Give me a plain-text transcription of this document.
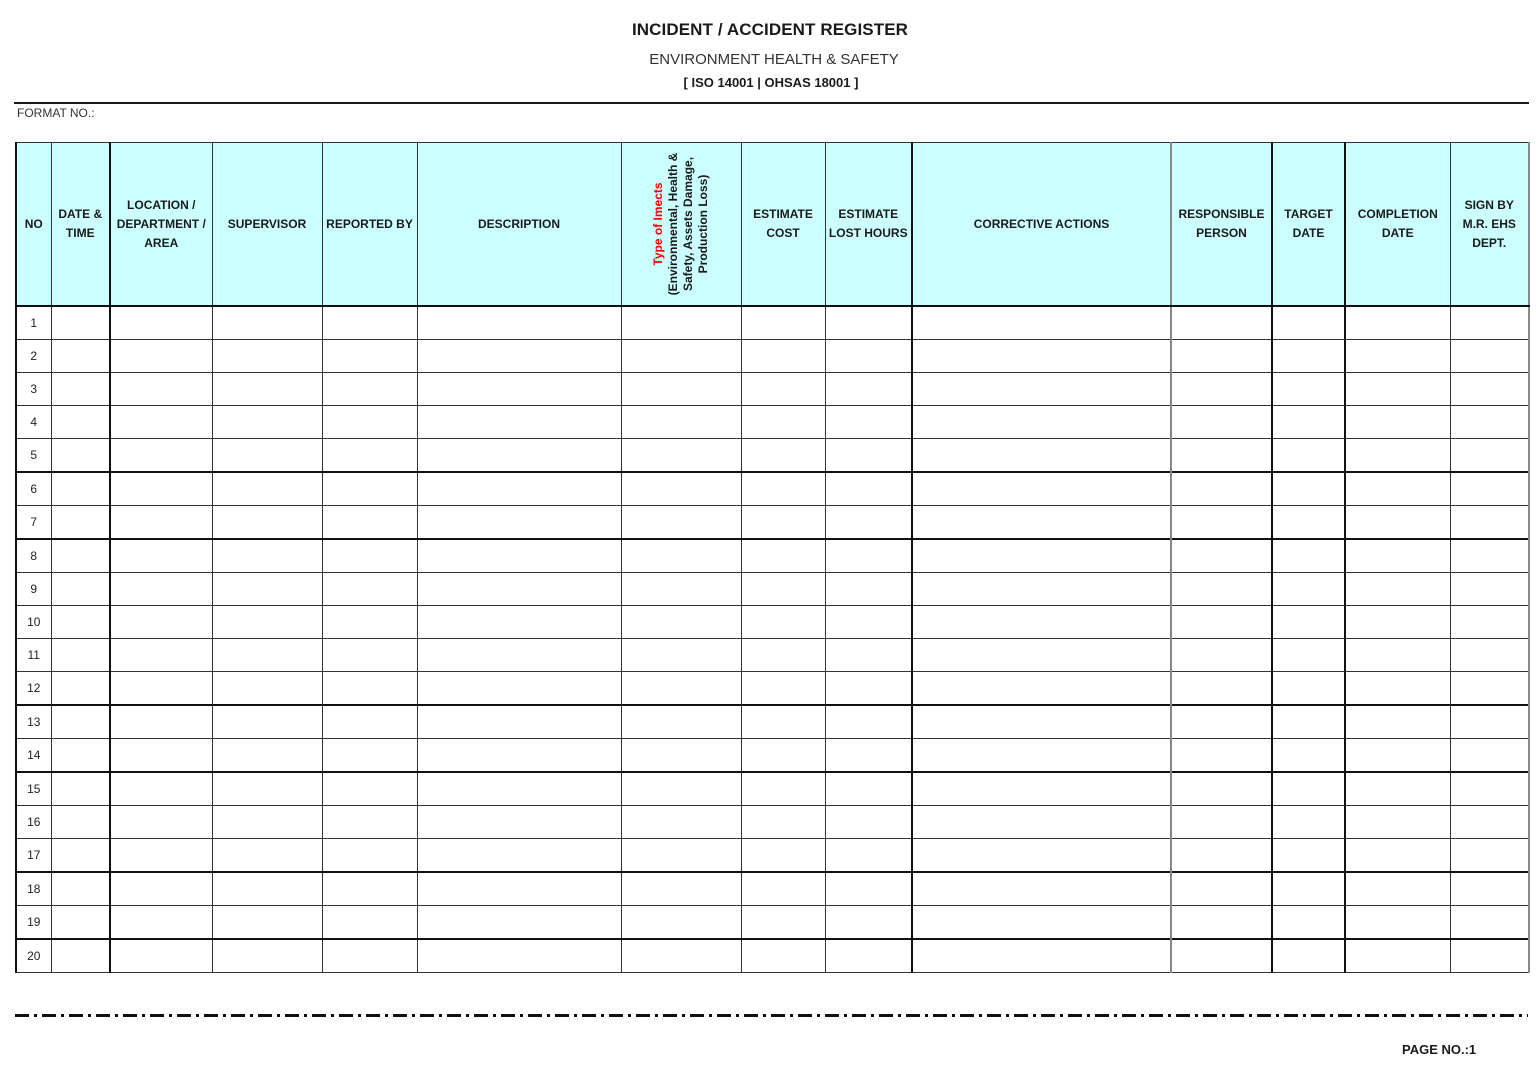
INCIDENT / ACCIDENT REGISTER
ENVIRONMENT HEALTH & SAFETY
[ ISO 14001 | OHSAS 18001 ]
FORMAT NO.:
NO	DATE & TIME	LOCATION / DEPARTMENT / AREA	SUPERVISOR	REPORTED BY	DESCRIPTION	Type of Imects (Environmental, Health & Safety, Assets Damage, Production Loss)	ESTIMATE COST	ESTIMATE LOST HOURS	CORRECTIVE ACTIONS	RESPONSIBLE PERSON	TARGET DATE	COMPLETION DATE	SIGN BY M.R. EHS DEPT.
1													
2													
3													
4													
5													
6													
7													
8													
9													
10													
11													
12													
13													
14													
15													
16													
17													
18													
19													
20													
PAGE NO.:1
